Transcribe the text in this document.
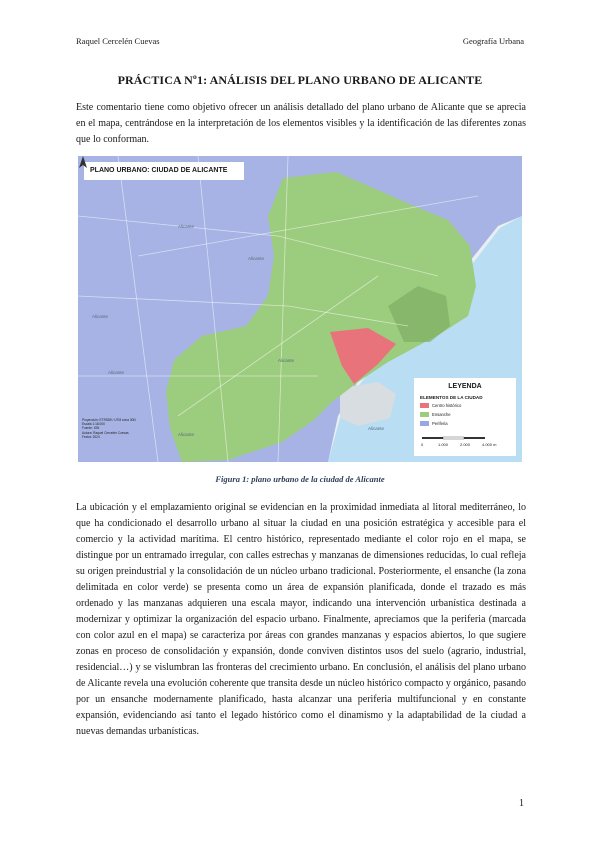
Raquel Cercelén Cuevas	Geografía Urbana
PRÁCTICA Nº1: ANÁLISIS DEL PLANO URBANO DE ALICANTE
Este comentario tiene como objetivo ofrecer un análisis detallado del plano urbano de Alicante que se aprecia en el mapa, centrándose en la interpretación de los elementos visibles y la identificación de las diferentes zonas que lo conforman.
PLANO URBANO: CIUDAD DE ALICANTE
Alicante
Alicante
Alicante
Alicante
Alicante
Alicante
Alicante
Proyección: ETRS89 / UTM zona 30N
Escala 1:18.000
Fuente: IGN
Autora: Raquel Cercelén Cuevas
Fecha: 2024
LEYENDA
ELEMENTOS DE LA CIUDAD
Centro histórico
Ensanche
Periferia
0	1.000	2.000	4.000 m
Figura 1: plano urbano de la ciudad de Alicante
La ubicación y el emplazamiento original se evidencian en la proximidad inmediata al litoral mediterráneo, lo que ha condicionado el desarrollo urbano al situar la ciudad en una posición estratégica y accesible para el comercio y la actividad marítima. El centro histórico, representado mediante el color rojo en el mapa, se distingue por un entramado irregular, con calles estrechas y manzanas de dimensiones reducidas, lo cual refleja su origen preindustrial y la consolidación de un núcleo urbano tradicional. Posteriormente, el ensanche (la zona delimitada en color verde) se presenta como un área de expansión planificada, donde el trazado es más ordenado y las manzanas adquieren una escala mayor, indicando una intervención urbanística destinada a modernizar y optimizar la organización del espacio urbano. Finalmente, apreciamos que la periferia (marcada con color azul en el mapa) se caracteriza por áreas con grandes manzanas y espacios abiertos, lo que sugiere zonas en proceso de consolidación y expansión, donde conviven distintos usos del suelo (agrario, industrial, residencial…) y se vislumbran las fronteras del crecimiento urbano. En conclusión, el análisis del plano urbano de Alicante revela una evolución coherente que transita desde un núcleo histórico compacto y orgánico, pasando por un ensanche modernamente planificado, hasta alcanzar una periferia multifuncional y en constante expansión, evidenciando así tanto el legado histórico como el dinamismo y la adaptabilidad de la ciudad a nuevas demandas urbanísticas.
1
